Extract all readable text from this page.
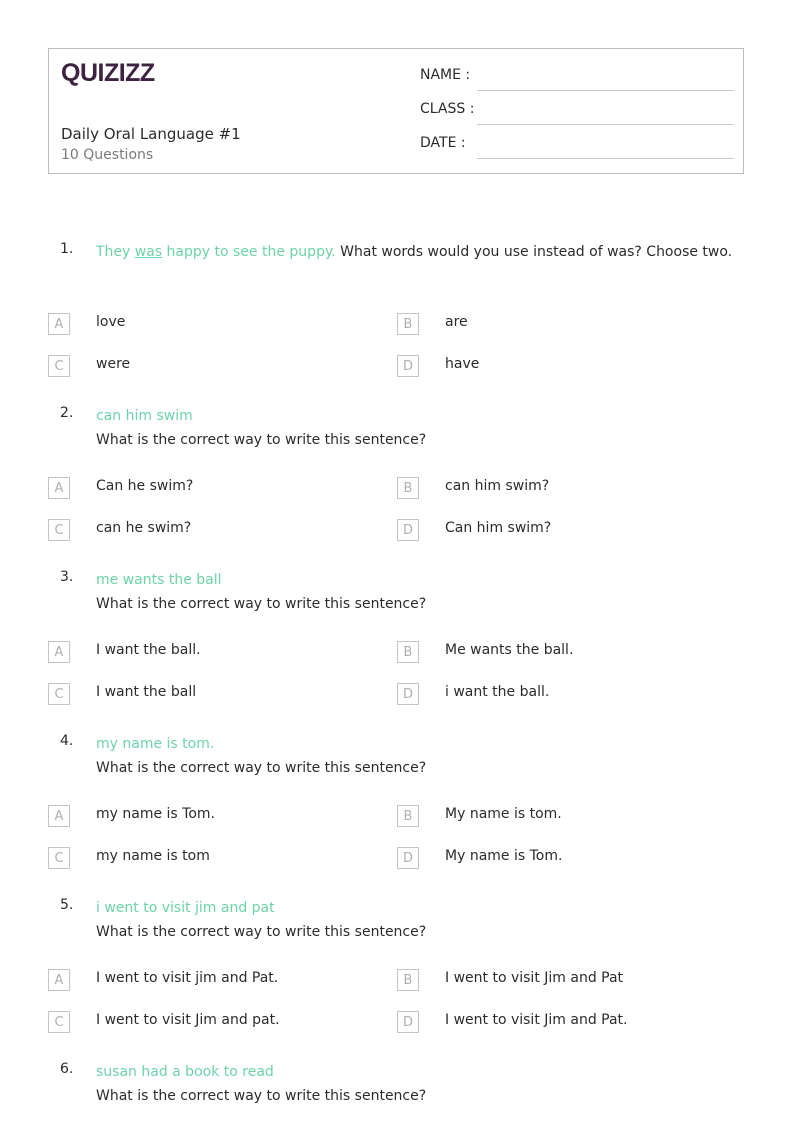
QUIZIZZ
Daily Oral Language #1
10 Questions
NAME :
CLASS :
DATE :
1. They was happy to see the puppy. What words would you use instead of was? Choose two.
A	love	B	are
C	were	D	have
2. can him swim
What is the correct way to write this sentence?
A	Can he swim?	B	can him swim?
C	can he swim?	D	Can him swim?
3. me wants the ball
What is the correct way to write this sentence?
A	I want the ball.	B	Me wants the ball.
C	I want the ball	D	i want the ball.
4. my name is tom.
What is the correct way to write this sentence?
A	my name is Tom.	B	My name is tom.
C	my name is tom	D	My name is Tom.
5. i went to visit jim and pat
What is the correct way to write this sentence?
A	I went to visit jim and Pat.	B	I went to visit Jim and Pat
C	I went to visit Jim and pat.	D	I went to visit Jim and Pat.
6. susan had a book to read
What is the correct way to write this sentence?
